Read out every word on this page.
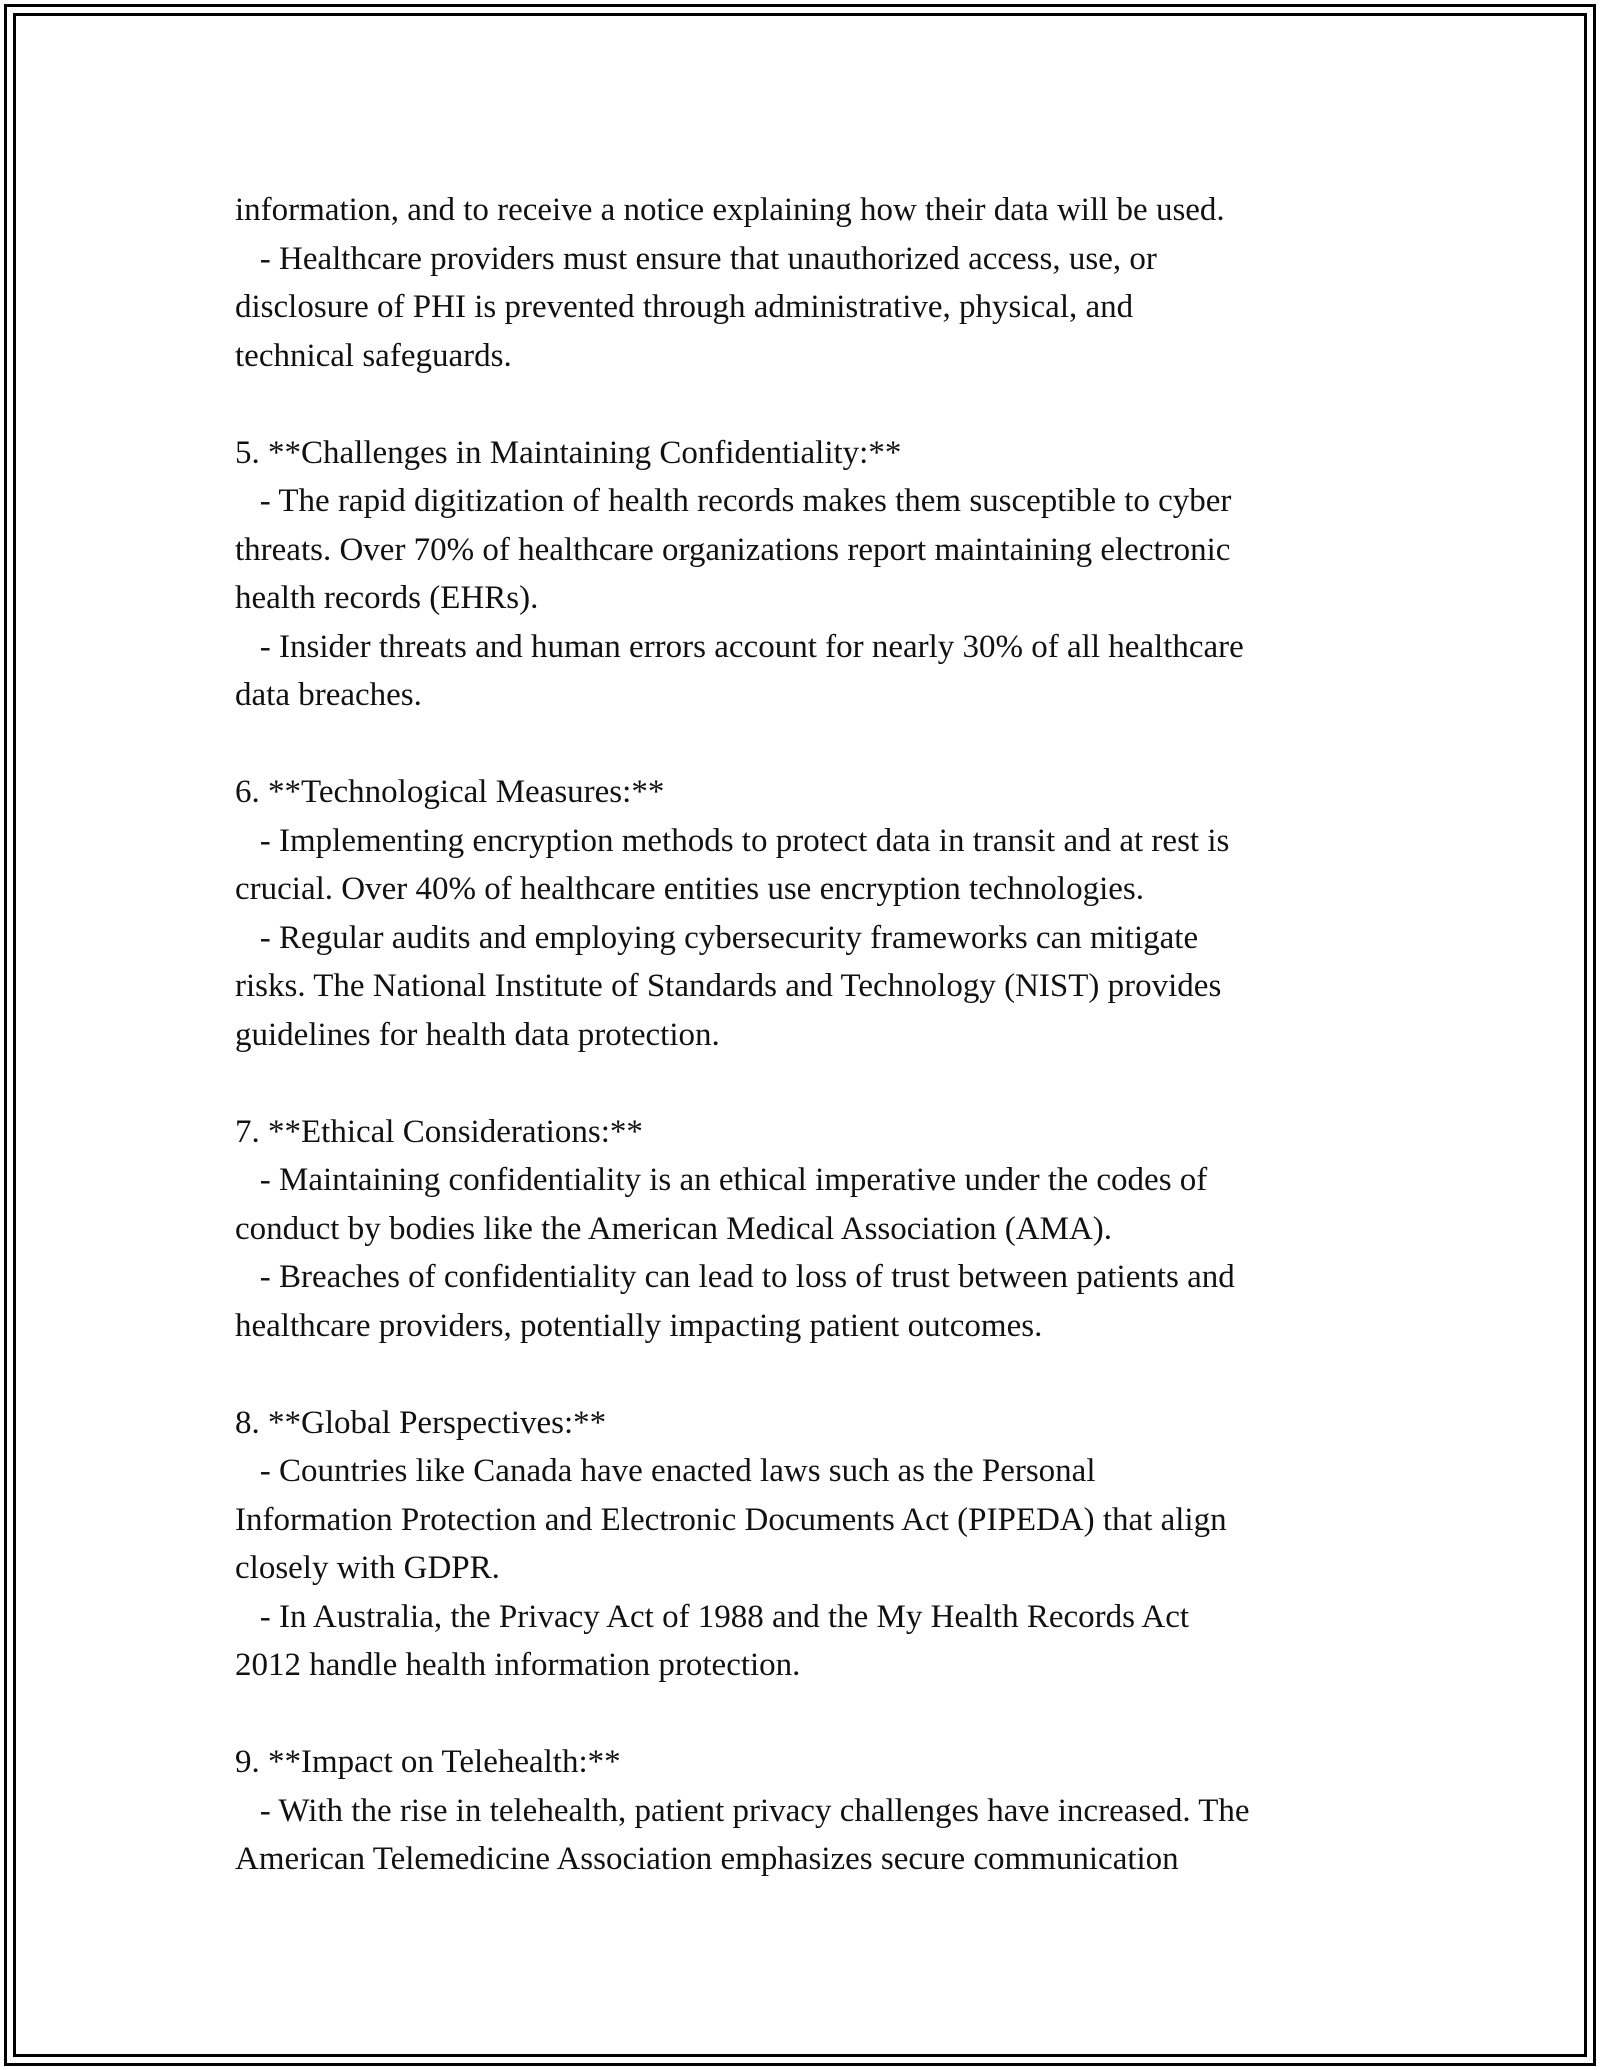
information, and to receive a notice explaining how their data will be used.
- Healthcare providers must ensure that unauthorized access, use, or
disclosure of PHI is prevented through administrative, physical, and
technical safeguards.
5. **Challenges in Maintaining Confidentiality:**
- The rapid digitization of health records makes them susceptible to cyber
threats. Over 70% of healthcare organizations report maintaining electronic
health records (EHRs).
- Insider threats and human errors account for nearly 30% of all healthcare
data breaches.
6. **Technological Measures:**
- Implementing encryption methods to protect data in transit and at rest is
crucial. Over 40% of healthcare entities use encryption technologies.
- Regular audits and employing cybersecurity frameworks can mitigate
risks. The National Institute of Standards and Technology (NIST) provides
guidelines for health data protection.
7. **Ethical Considerations:**
- Maintaining confidentiality is an ethical imperative under the codes of
conduct by bodies like the American Medical Association (AMA).
- Breaches of confidentiality can lead to loss of trust between patients and
healthcare providers, potentially impacting patient outcomes.
8. **Global Perspectives:**
- Countries like Canada have enacted laws such as the Personal
Information Protection and Electronic Documents Act (PIPEDA) that align
closely with GDPR.
- In Australia, the Privacy Act of 1988 and the My Health Records Act
2012 handle health information protection.
9. **Impact on Telehealth:**
- With the rise in telehealth, patient privacy challenges have increased. The
American Telemedicine Association emphasizes secure communication
